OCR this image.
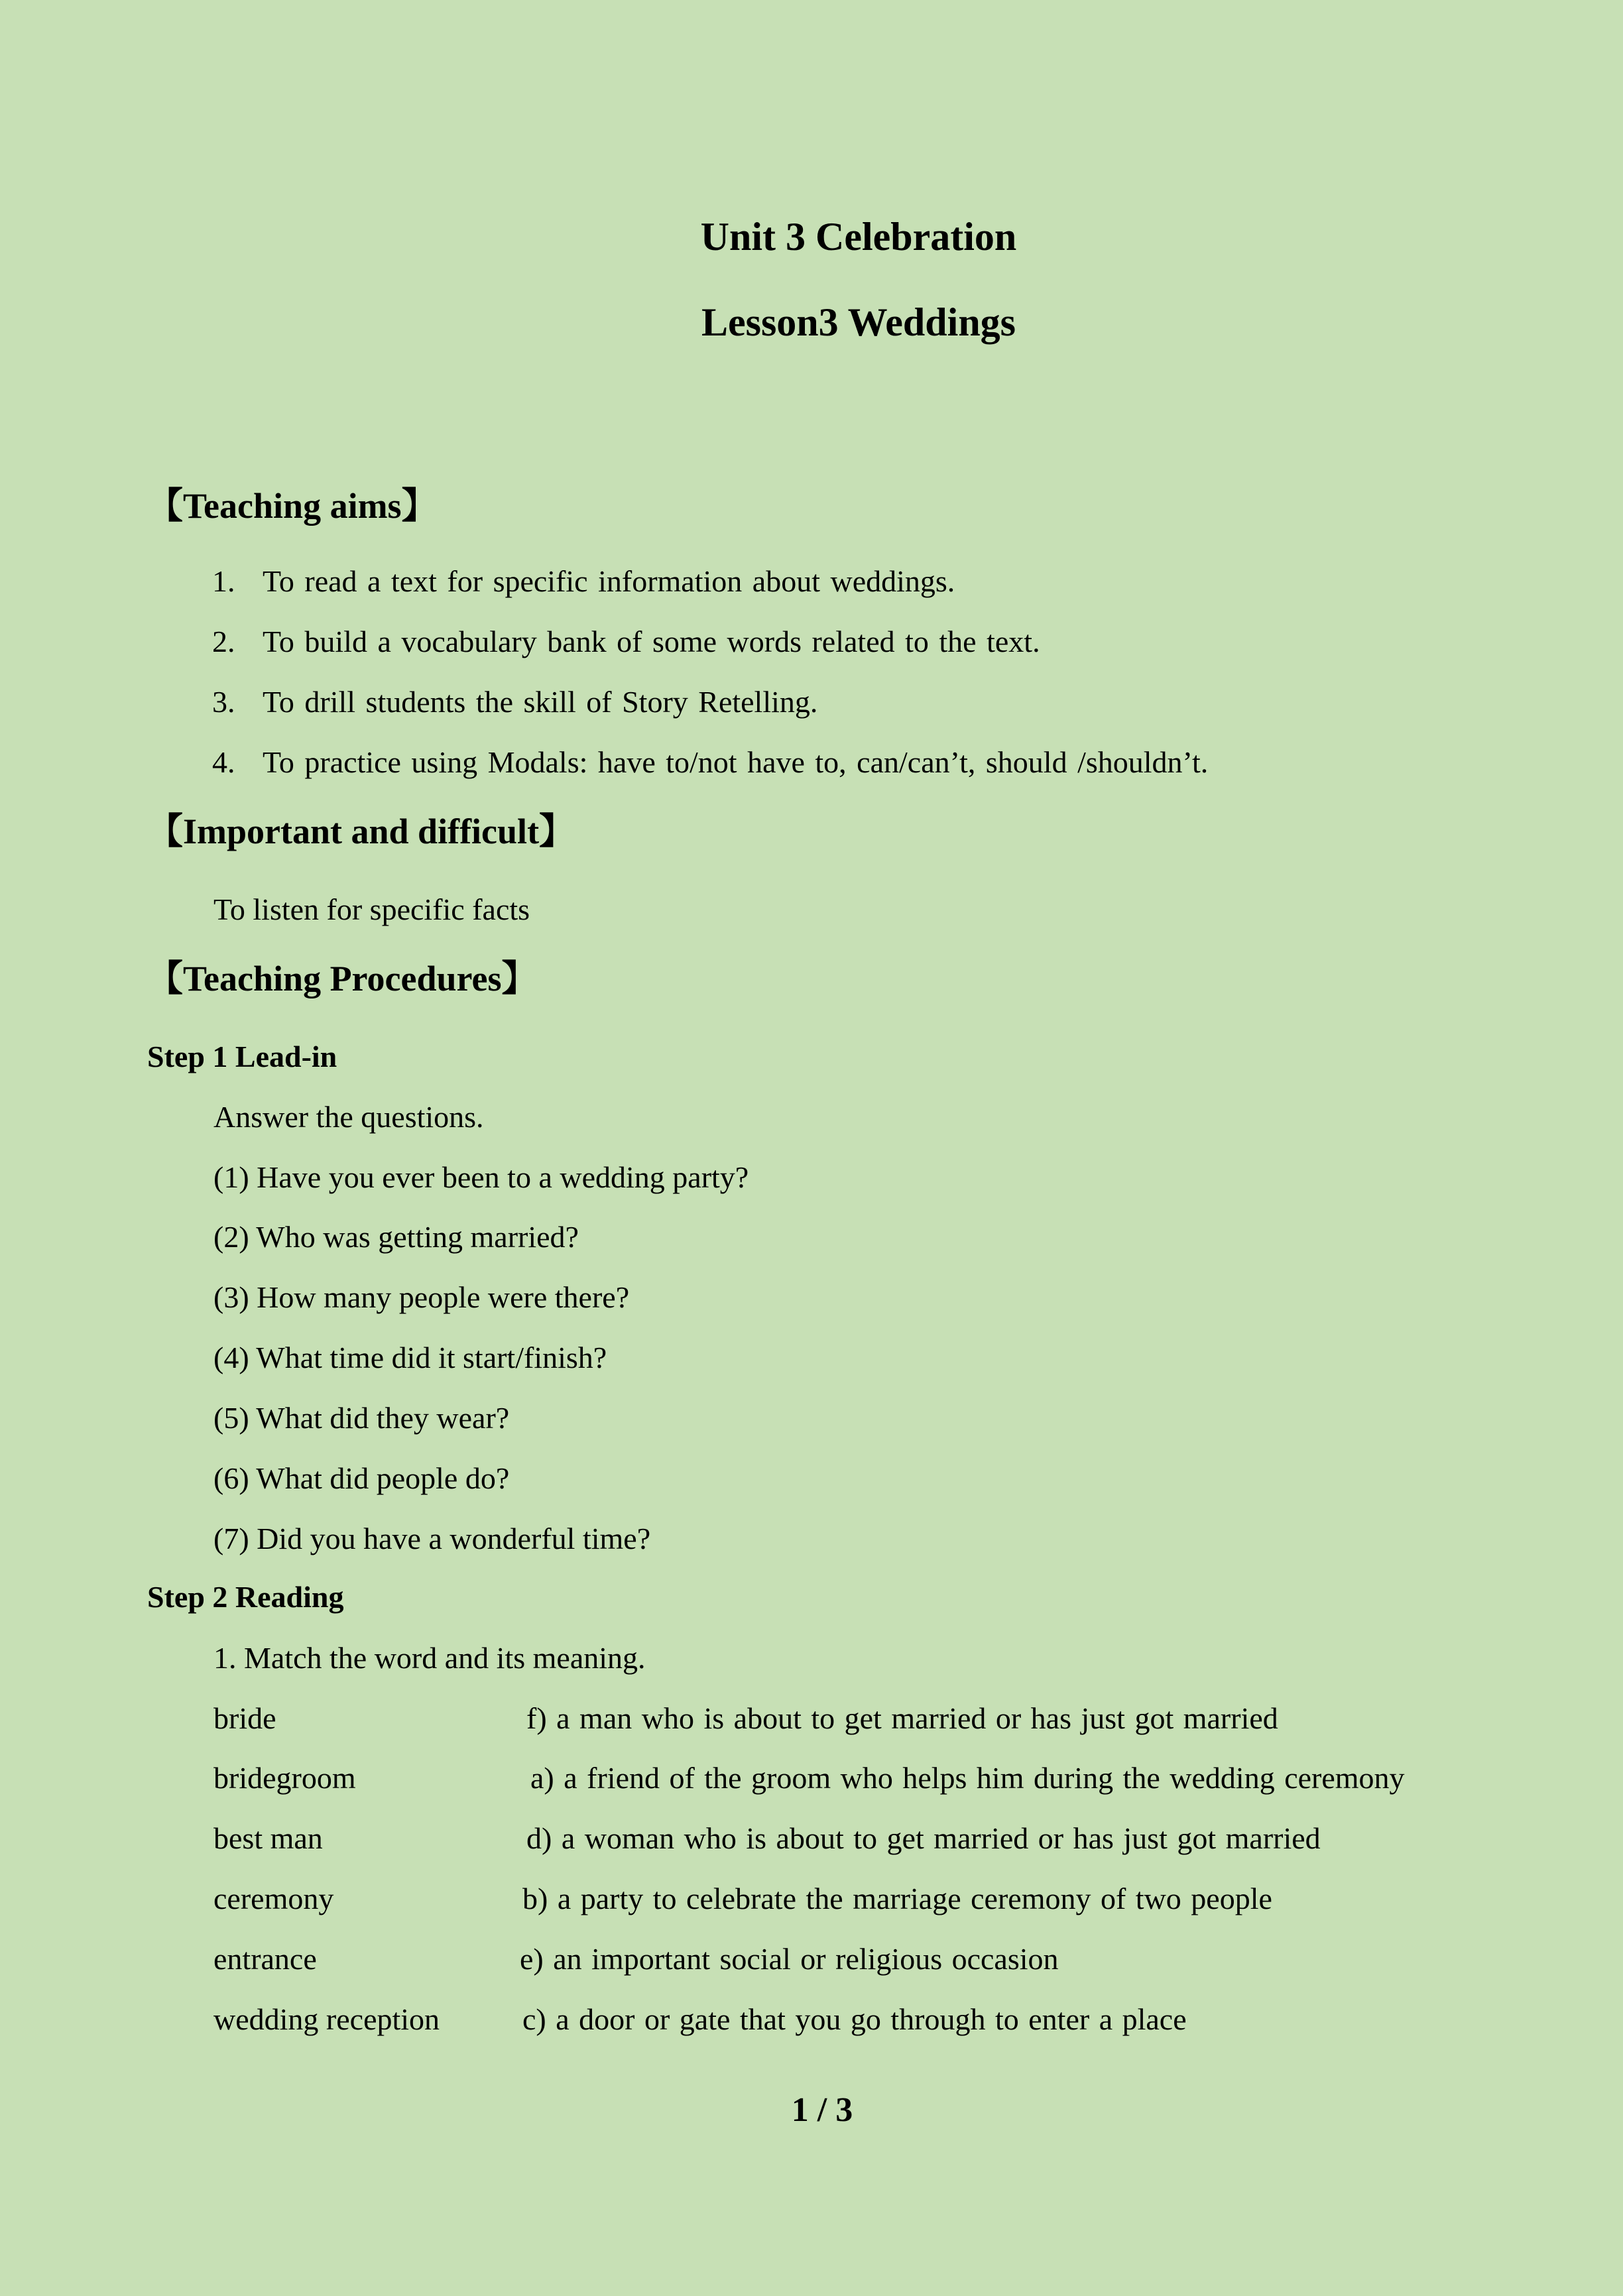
Unit 3 Celebration
Lesson3 Weddings
【Teaching aims】
1. To read a text for specific information about weddings.
2. To build a vocabulary bank of some words related to the text.
3. To drill students the skill of Story Retelling.
4. To practice using Modals: have to/not have to, can/can’t, should /shouldn’t.
【Important and difficult】
To listen for specific facts
【Teaching Procedures】
Step 1 Lead-in
Answer the questions.
(1) Have you ever been to a wedding party?
(2) Who was getting married?
(3) How many people were there?
(4) What time did it start/finish?
(5) What did they wear?
(6) What did people do?
(7) Did you have a wonderful time?
Step 2 Reading
1. Match the word and its meaning.
bride	f) a man who is about to get married or has just got married
bridegroom	a) a friend of the groom who helps him during the wedding ceremony
best man	d) a woman who is about to get married or has just got married
ceremony	b) a party to celebrate the marriage ceremony of two people
entrance	e) an important social or religious occasion
wedding reception	c) a door or gate that you go through to enter a place
1 / 3
